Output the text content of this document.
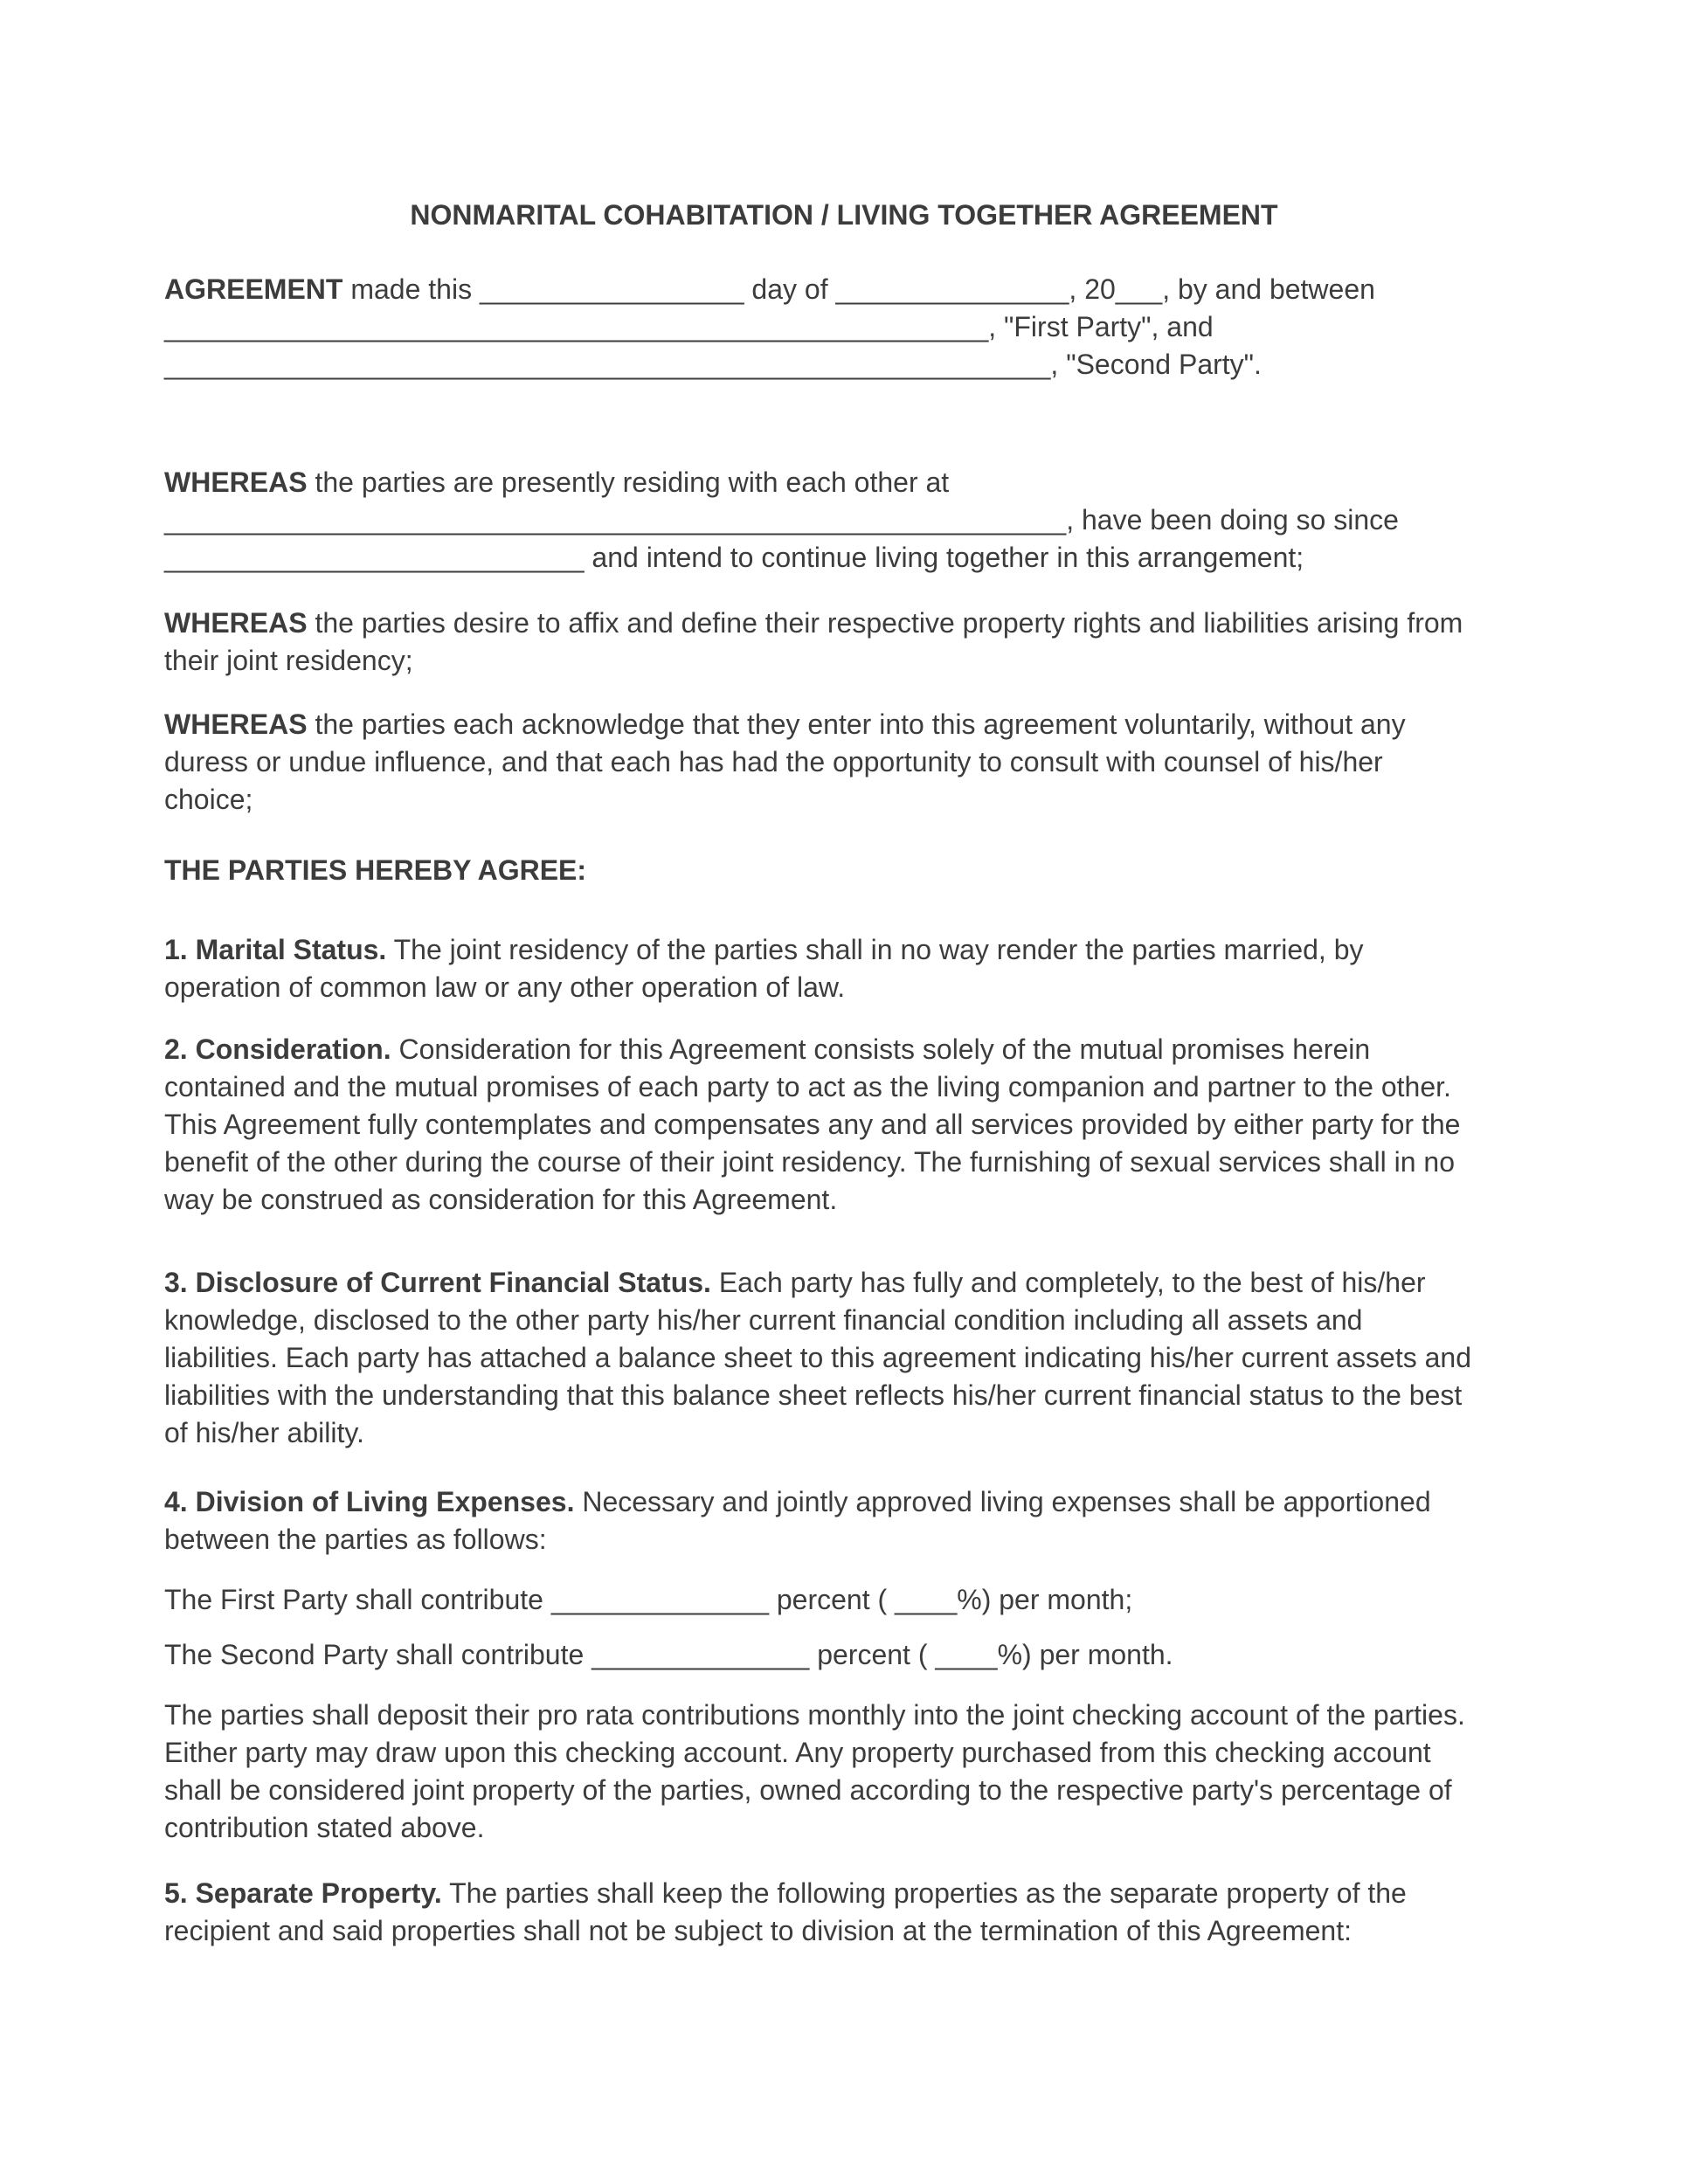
NONMARITAL COHABITATION / LIVING TOGETHER AGREEMENT

AGREEMENT made this _________________ day of _______________, 20___, by and between
_____________________________________________________, "First Party", and
_________________________________________________________, "Second Party".

WHEREAS the parties are presently residing with each other at
__________________________________________________________, have been doing so since
___________________________ and intend to continue living together in this arrangement;

WHEREAS the parties desire to affix and define their respective property rights and liabilities arising from
their joint residency;

WHEREAS the parties each acknowledge that they enter into this agreement voluntarily, without any
duress or undue influence, and that each has had the opportunity to consult with counsel of his/her
choice;

THE PARTIES HEREBY AGREE:

1. Marital Status. The joint residency of the parties shall in no way render the parties married, by
operation of common law or any other operation of law.

2. Consideration. Consideration for this Agreement consists solely of the mutual promises herein
contained and the mutual promises of each party to act as the living companion and partner to the other.
This Agreement fully contemplates and compensates any and all services provided by either party for the
benefit of the other during the course of their joint residency. The furnishing of sexual services shall in no
way be construed as consideration for this Agreement.

3. Disclosure of Current Financial Status. Each party has fully and completely, to the best of his/her
knowledge, disclosed to the other party his/her current financial condition including all assets and
liabilities. Each party has attached a balance sheet to this agreement indicating his/her current assets and
liabilities with the understanding that this balance sheet reflects his/her current financial status to the best
of his/her ability.

4. Division of Living Expenses. Necessary and jointly approved living expenses shall be apportioned
between the parties as follows:

The First Party shall contribute ______________ percent ( ____%) per month;

The Second Party shall contribute ______________ percent ( ____%) per month.

The parties shall deposit their pro rata contributions monthly into the joint checking account of the parties.
Either party may draw upon this checking account. Any property purchased from this checking account
shall be considered joint property of the parties, owned according to the respective party's percentage of
contribution stated above.

5. Separate Property. The parties shall keep the following properties as the separate property of the
recipient and said properties shall not be subject to division at the termination of this Agreement:
